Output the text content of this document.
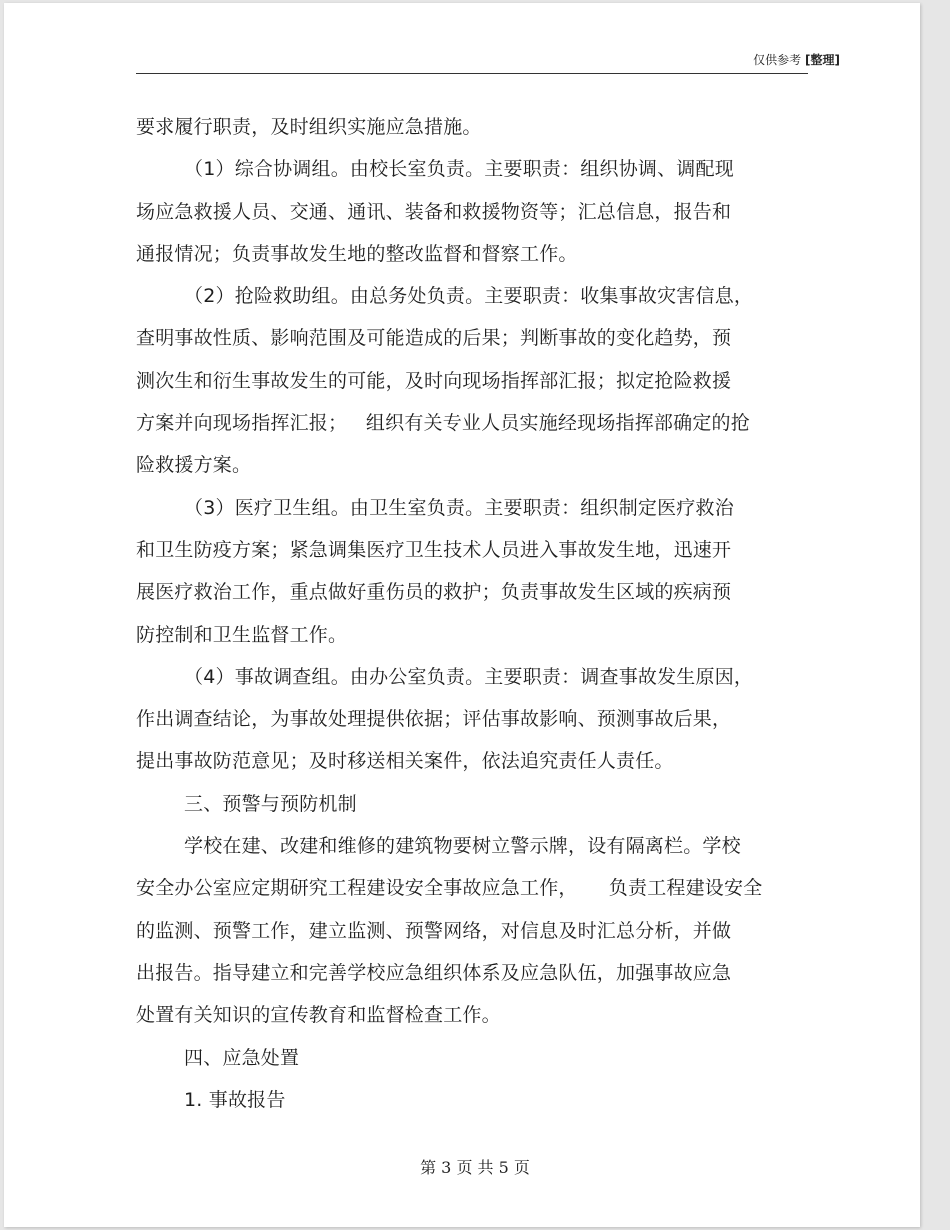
仅供参考 [整理]
要求履行职责，及时组织实施应急措施。
（1）综合协调组。由校长室负责。主要职责：组织协调、调配现
场应急救援人员、交通、通讯、装备和救援物资等；汇总信息，报告和
通报情况；负责事故发生地的整改监督和督察工作。
（2）抢险救助组。由总务处负责。主要职责：收集事故灾害信息，
查明事故性质、影响范围及可能造成的后果；判断事故的变化趋势，预
测次生和衍生事故发生的可能，及时向现场指挥部汇报；拟定抢险救援
方案并向现场指挥汇报；   组织有关专业人员实施经现场指挥部确定的抢
险救援方案。
（3）医疗卫生组。由卫生室负责。主要职责：组织制定医疗救治
和卫生防疫方案；紧急调集医疗卫生技术人员进入事故发生地，迅速开
展医疗救治工作，重点做好重伤员的救护；负责事故发生区域的疾病预
防控制和卫生监督工作。
（4）事故调查组。由办公室负责。主要职责：调查事故发生原因，
作出调查结论，为事故处理提供依据；评估事故影响、预测事故后果，
提出事故防范意见；及时移送相关案件，依法追究责任人责任。
三、预警与预防机制
学校在建、改建和维修的建筑物要树立警示牌，设有隔离栏。学校
安全办公室应定期研究工程建设安全事故应急工作，     负责工程建设安全
的监测、预警工作，建立监测、预警网络，对信息及时汇总分析，并做
出报告。指导建立和完善学校应急组织体系及应急队伍，加强事故应急
处置有关知识的宣传教育和监督检查工作。
四、应急处置
1. 事故报告
第 3 页 共 5 页
